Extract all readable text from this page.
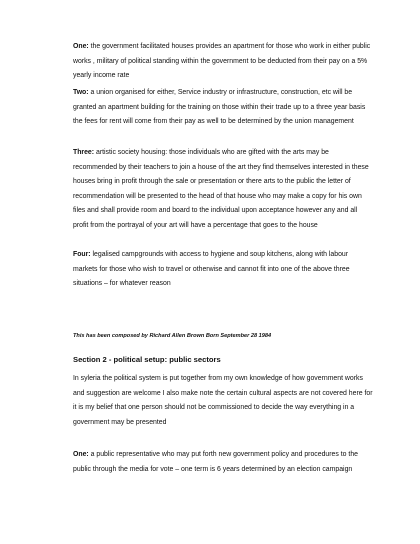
One: the government facilitated houses provides an apartment for those who work in either public works , military of political standing within the government to be deducted from their pay on a 5% yearly income rate

Two: a union organised for either, Service industry or infrastructure, construction, etc will be granted an apartment building for the training on those within their trade up to a three year basis the fees for rent will come from their pay as well to be determined by the union management

Three: artistic society housing: those individuals who are gifted with the arts may be recommended by their teachers to join a house of the art they find themselves interested in these houses bring in profit through the sale or presentation or there arts to the public the letter of recommendation will be presented to the head of that house who may make a copy for his own files and shall provide room and board to the individual upon acceptance however any and all profit from the portrayal of your art will have a percentage that goes to the house

Four: legalised campgrounds with access to hygiene and soup kitchens, along with labour markets for those who wish to travel or otherwise and cannot fit into one of the above three situations – for whatever reason

This has been composed by Richard Allen Brown Born September 28 1984

Section 2 - political setup: public sectors

In syleria the political system is put together from my own knowledge of how government works and suggestion are welcome I also make note the certain cultural aspects are not covered here for it is my belief that one person should not be commissioned to decide the way everything in a government may be presented

One: a public representative who may put forth new government policy and procedures to the public through the media for vote – one term is 6 years determined by an election campaign
